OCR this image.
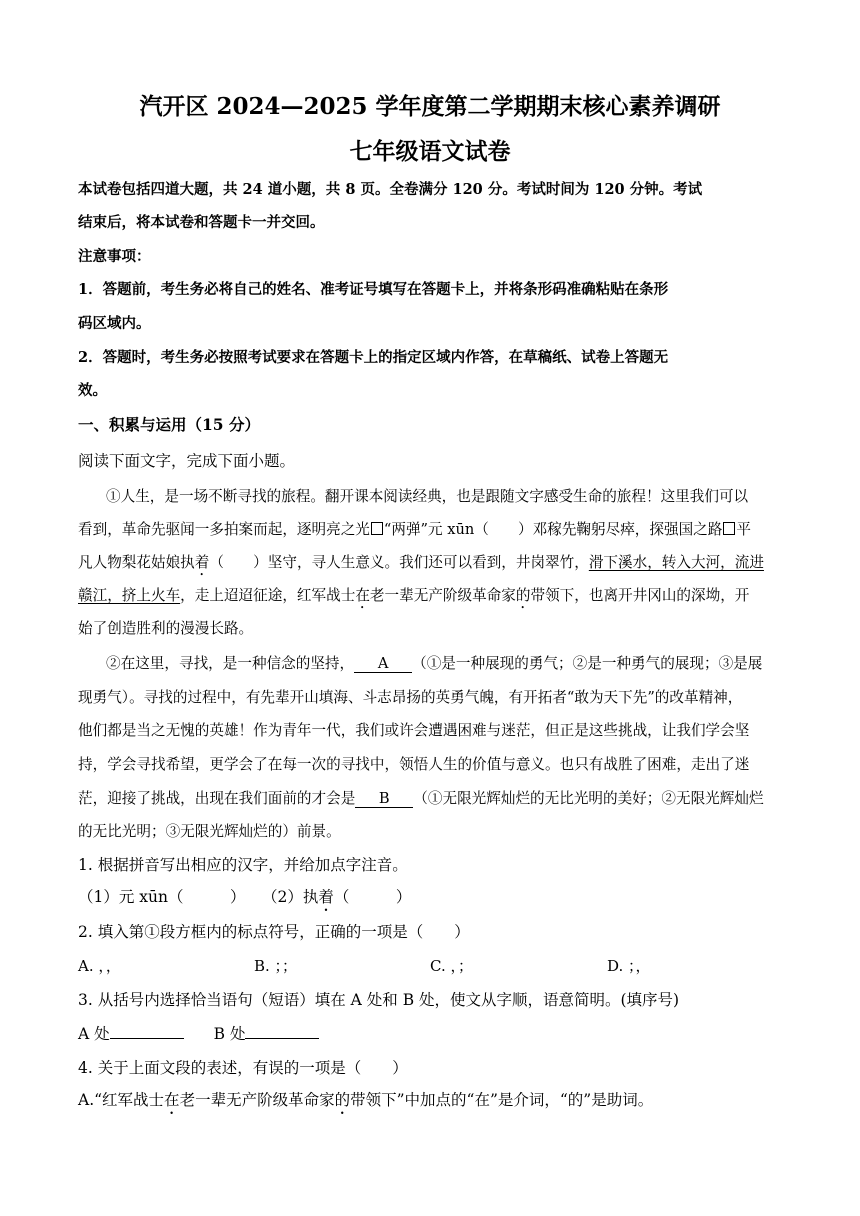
汽开区 2024—2025 学年度第二学期期末核心素养调研
七年级语文试卷
本试卷包括四道大题，共 24 道小题，共 8 页。全卷满分 120 分。考试时间为 120 分钟。考试
结束后，将本试卷和答题卡一并交回。
注意事项：
1．答题前，考生务必将自己的姓名、准考证号填写在答题卡上，并将条形码准确粘贴在条形
码区域内。
2．答题时，考生务必按照考试要求在答题卡上的指定区域内作答，在草稿纸、试卷上答题无
效。
一、积累与运用（15 分）
阅读下面文字，完成下面小题。
①人生，是一场不断寻找的旅程。翻开课本阅读经典，也是跟随文字感受生命的旅程！这里我们可以
看到，革命先驱闻一多拍案而起，逐明亮之光 “两弹”元 xūn（　　）邓稼先鞠躬尽瘁，探强国之路 平
凡人物梨花姑娘执着（　　）坚守，寻人生意义。我们还可以看到，井岗翠竹，滑下溪水，转入大河，流进
赣江，挤上火车，走上迢迢征途，红军战士在老一辈无产阶级革命家的带领下，也离开井冈山的深坳，开
始了创造胜利的漫漫长路。
②在这里，寻找，是一种信念的坚持， A （①是一种展现的勇气；②是一种勇气的展现；③是展
现勇气）。寻找的过程中，有先辈开山填海、斗志昂扬的英勇气魄，有开拓者“敢为天下先”的改革精神，
他们都是当之无愧的英雄！作为青年一代，我们或许会遭遇困难与迷茫，但正是这些挑战，让我们学会坚
持，学会寻找希望，更学会了在每一次的寻找中，领悟人生的价值与意义。也只有战胜了困难，走出了迷
茫，迎接了挑战，出现在我们面前的才会是 B （①无限光辉灿烂的无比光明的美好；②无限光辉灿烂
的无比光明；③无限光辉灿烂的）前景。
1. 根据拼音写出相应的汉字，并给加点字注音。
（1）元 xūn（　　　） （2）执着（　　　）
2. 填入第①段方框内的标点符号，正确的一项是（　　）
A. ，，	B. ；；	C. ，；	D. ；，
3. 从括号内选择恰当语句（短语）填在 A 处和 B 处，使文从字顺，语意简明。(填序号)
A 处	B 处
4. 关于上面文段的表述，有误的一项是（　　）
A.“红军战士在老一辈无产阶级革命家的带领下”中加点的“在”是介词，“的”是助词。
